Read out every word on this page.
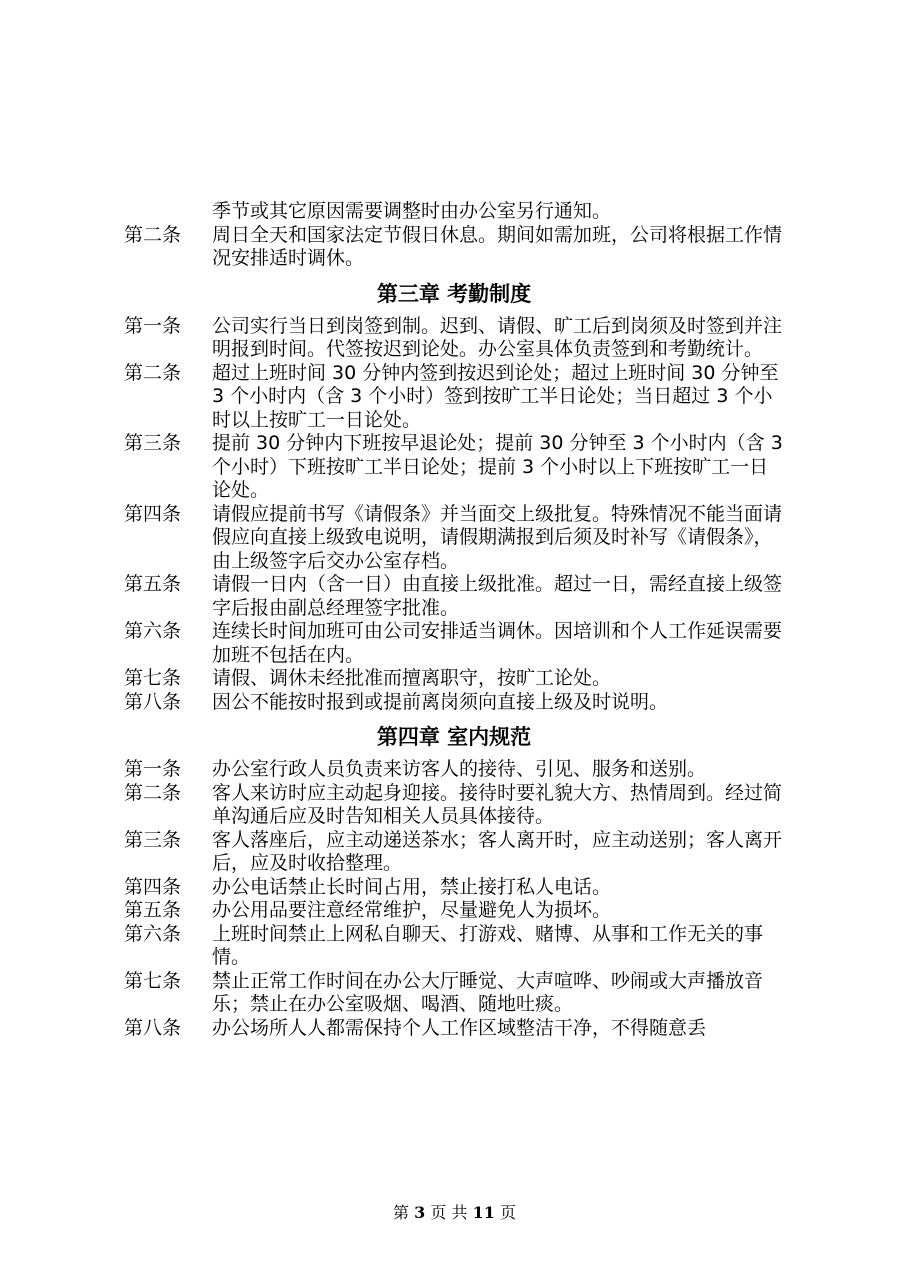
季节或其它原因需要调整时由办公室另行通知。
第二条	周日全天和国家法定节假日休息。期间如需加班，公司将根据工作情况安排适时调休。
第三章 考勤制度
第一条	公司实行当日到岗签到制。迟到、请假、旷工后到岗须及时签到并注明报到时间。代签按迟到论处。办公室具体负责签到和考勤统计。
第二条	超过上班时间 30 分钟内签到按迟到论处；超过上班时间 30 分钟至 3 个小时内（含 3 个小时）签到按旷工半日论处；当日超过 3 个小时以上按旷工一日论处。
第三条	提前 30 分钟内下班按早退论处；提前 30 分钟至 3 个小时内（含 3 个小时）下班按旷工半日论处；提前 3 个小时以上下班按旷工一日论处。
第四条	请假应提前书写《请假条》并当面交上级批复。特殊情况不能当面请假应向直接上级致电说明，请假期满报到后须及时补写《请假条》，由上级签字后交办公室存档。
第五条	请假一日内（含一日）由直接上级批准。超过一日，需经直接上级签字后报由副总经理签字批准。
第六条	连续长时间加班可由公司安排适当调休。因培训和个人工作延误需要加班不包括在内。
第七条	请假、调休未经批准而擅离职守，按旷工论处。
第八条	因公不能按时报到或提前离岗须向直接上级及时说明。
第四章 室内规范
第一条	办公室行政人员负责来访客人的接待、引见、服务和送别。
第二条	客人来访时应主动起身迎接。接待时要礼貌大方、热情周到。经过简单沟通后应及时告知相关人员具体接待。
第三条	客人落座后，应主动递送茶水；客人离开时，应主动送别；客人离开后，应及时收拾整理。
第四条	办公电话禁止长时间占用，禁止接打私人电话。
第五条	办公用品要注意经常维护，尽量避免人为损坏。
第六条	上班时间禁止上网私自聊天、打游戏、赌博、从事和工作无关的事情。
第七条	禁止正常工作时间在办公大厅睡觉、大声喧哗、吵闹或大声播放音乐；禁止在办公室吸烟、喝酒、随地吐痰。
第八条	办公场所人人都需保持个人工作区域整洁干净，不得随意丢
第 3 页 共 11 页
